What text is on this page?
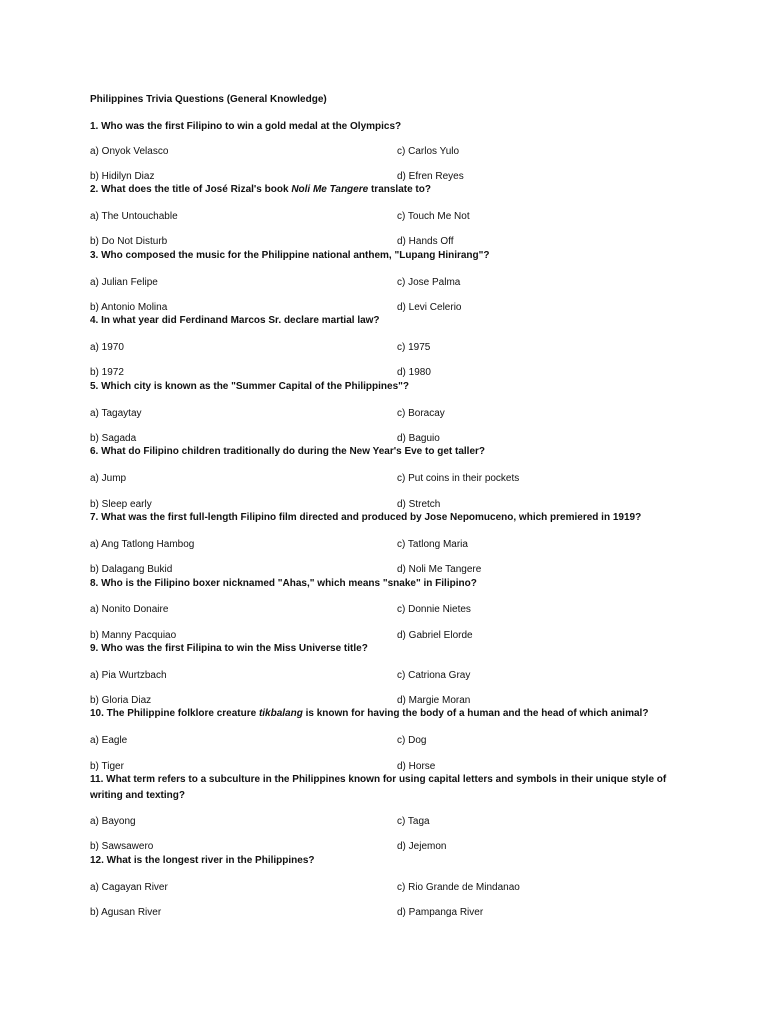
Philippines Trivia Questions (General Knowledge)
1. Who was the first Filipino to win a gold medal at the Olympics?
a) Onyok Velasco	c) Carlos Yulo
b) Hidilyn Diaz	d) Efren Reyes
2. What does the title of José Rizal's book Noli Me Tangere translate to?
a) The Untouchable	c) Touch Me Not
b) Do Not Disturb	d) Hands Off
3. Who composed the music for the Philippine national anthem, "Lupang Hinirang"?
a) Julian Felipe	c) Jose Palma
b) Antonio Molina	d) Levi Celerio
4. In what year did Ferdinand Marcos Sr. declare martial law?
a) 1970	c) 1975
b) 1972	d) 1980
5. Which city is known as the "Summer Capital of the Philippines"?
a) Tagaytay	c) Boracay
b) Sagada	d) Baguio
6. What do Filipino children traditionally do during the New Year's Eve to get taller?
a) Jump	c) Put coins in their pockets
b) Sleep early	d) Stretch
7. What was the first full-length Filipino film directed and produced by Jose Nepomuceno, which premiered in 1919?
a) Ang Tatlong Hambog	c) Tatlong Maria
b) Dalagang Bukid	d) Noli Me Tangere
8. Who is the Filipino boxer nicknamed "Ahas," which means "snake" in Filipino?
a) Nonito Donaire	c) Donnie Nietes
b) Manny Pacquiao	d) Gabriel Elorde
9. Who was the first Filipina to win the Miss Universe title?
a) Pia Wurtzbach	c) Catriona Gray
b) Gloria Diaz	d) Margie Moran
10. The Philippine folklore creature tikbalang is known for having the body of a human and the head of which animal?
a) Eagle	c) Dog
b) Tiger	d) Horse
11. What term refers to a subculture in the Philippines known for using capital letters and symbols in their unique style of writing and texting?
a) Bayong	c) Taga
b) Sawsawero	d) Jejemon
12. What is the longest river in the Philippines?
a) Cagayan River	c) Rio Grande de Mindanao
b) Agusan River	d) Pampanga River
